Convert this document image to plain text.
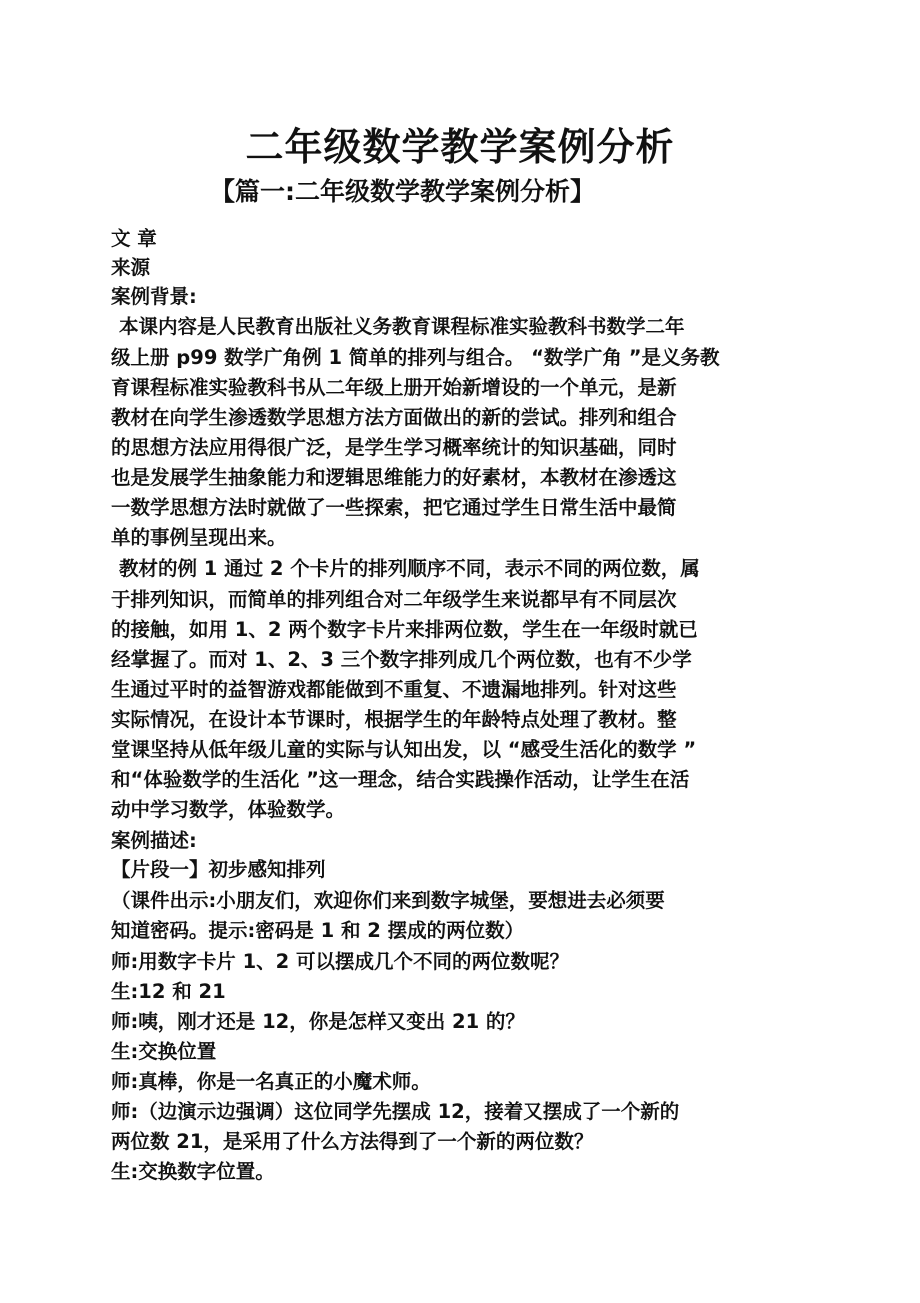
二年级数学教学案例分析
【篇一:二年级数学教学案例分析】

文 章

来源

案例背景:

本课内容是人民教育出版社义务教育课程标准实验教科书数学二年

级上册 p99 数学广角例 1 简单的排列与组合。 “数学广角 ”是义务教

育课程标准实验教科书从二年级上册开始新增设的一个单元，是新

教材在向学生渗透数学思想方法方面做出的新的尝试。排列和组合

的思想方法应用得很广泛，是学生学习概率统计的知识基础，同时

也是发展学生抽象能力和逻辑思维能力的好素材，本教材在渗透这

一数学思想方法时就做了一些探索，把它通过学生日常生活中最简

单的事例呈现出来。

教材的例 1 通过 2 个卡片的排列顺序不同，表示不同的两位数，属

于排列知识，而简单的排列组合对二年级学生来说都早有不同层次

的接触，如用 1、2 两个数字卡片来排两位数，学生在一年级时就已

经掌握了。而对 1、2、3 三个数字排列成几个两位数，也有不少学

生通过平时的益智游戏都能做到不重复、不遗漏地排列。针对这些

实际情况，在设计本节课时，根据学生的年龄特点处理了教材。整

堂课坚持从低年级儿童的实际与认知出发，以 “感受生活化的数学 ”

和“体验数学的生活化 ”这一理念，结合实践操作活动，让学生在活

动中学习数学，体验数学。

案例描述:

【片段一】初步感知排列

（课件出示:小朋友们，欢迎你们来到数字城堡，要想进去必须要

知道密码。提示:密码是 1 和 2 摆成的两位数）

师:用数字卡片 1、2 可以摆成几个不同的两位数呢？

生:12 和 21

师:咦，刚才还是 12，你是怎样又变出 21 的？

生:交换位置

师:真棒，你是一名真正的小魔术师。

师:（边演示边强调）这位同学先摆成 12，接着又摆成了一个新的

两位数 21，是采用了什么方法得到了一个新的两位数？

生:交换数字位置。
